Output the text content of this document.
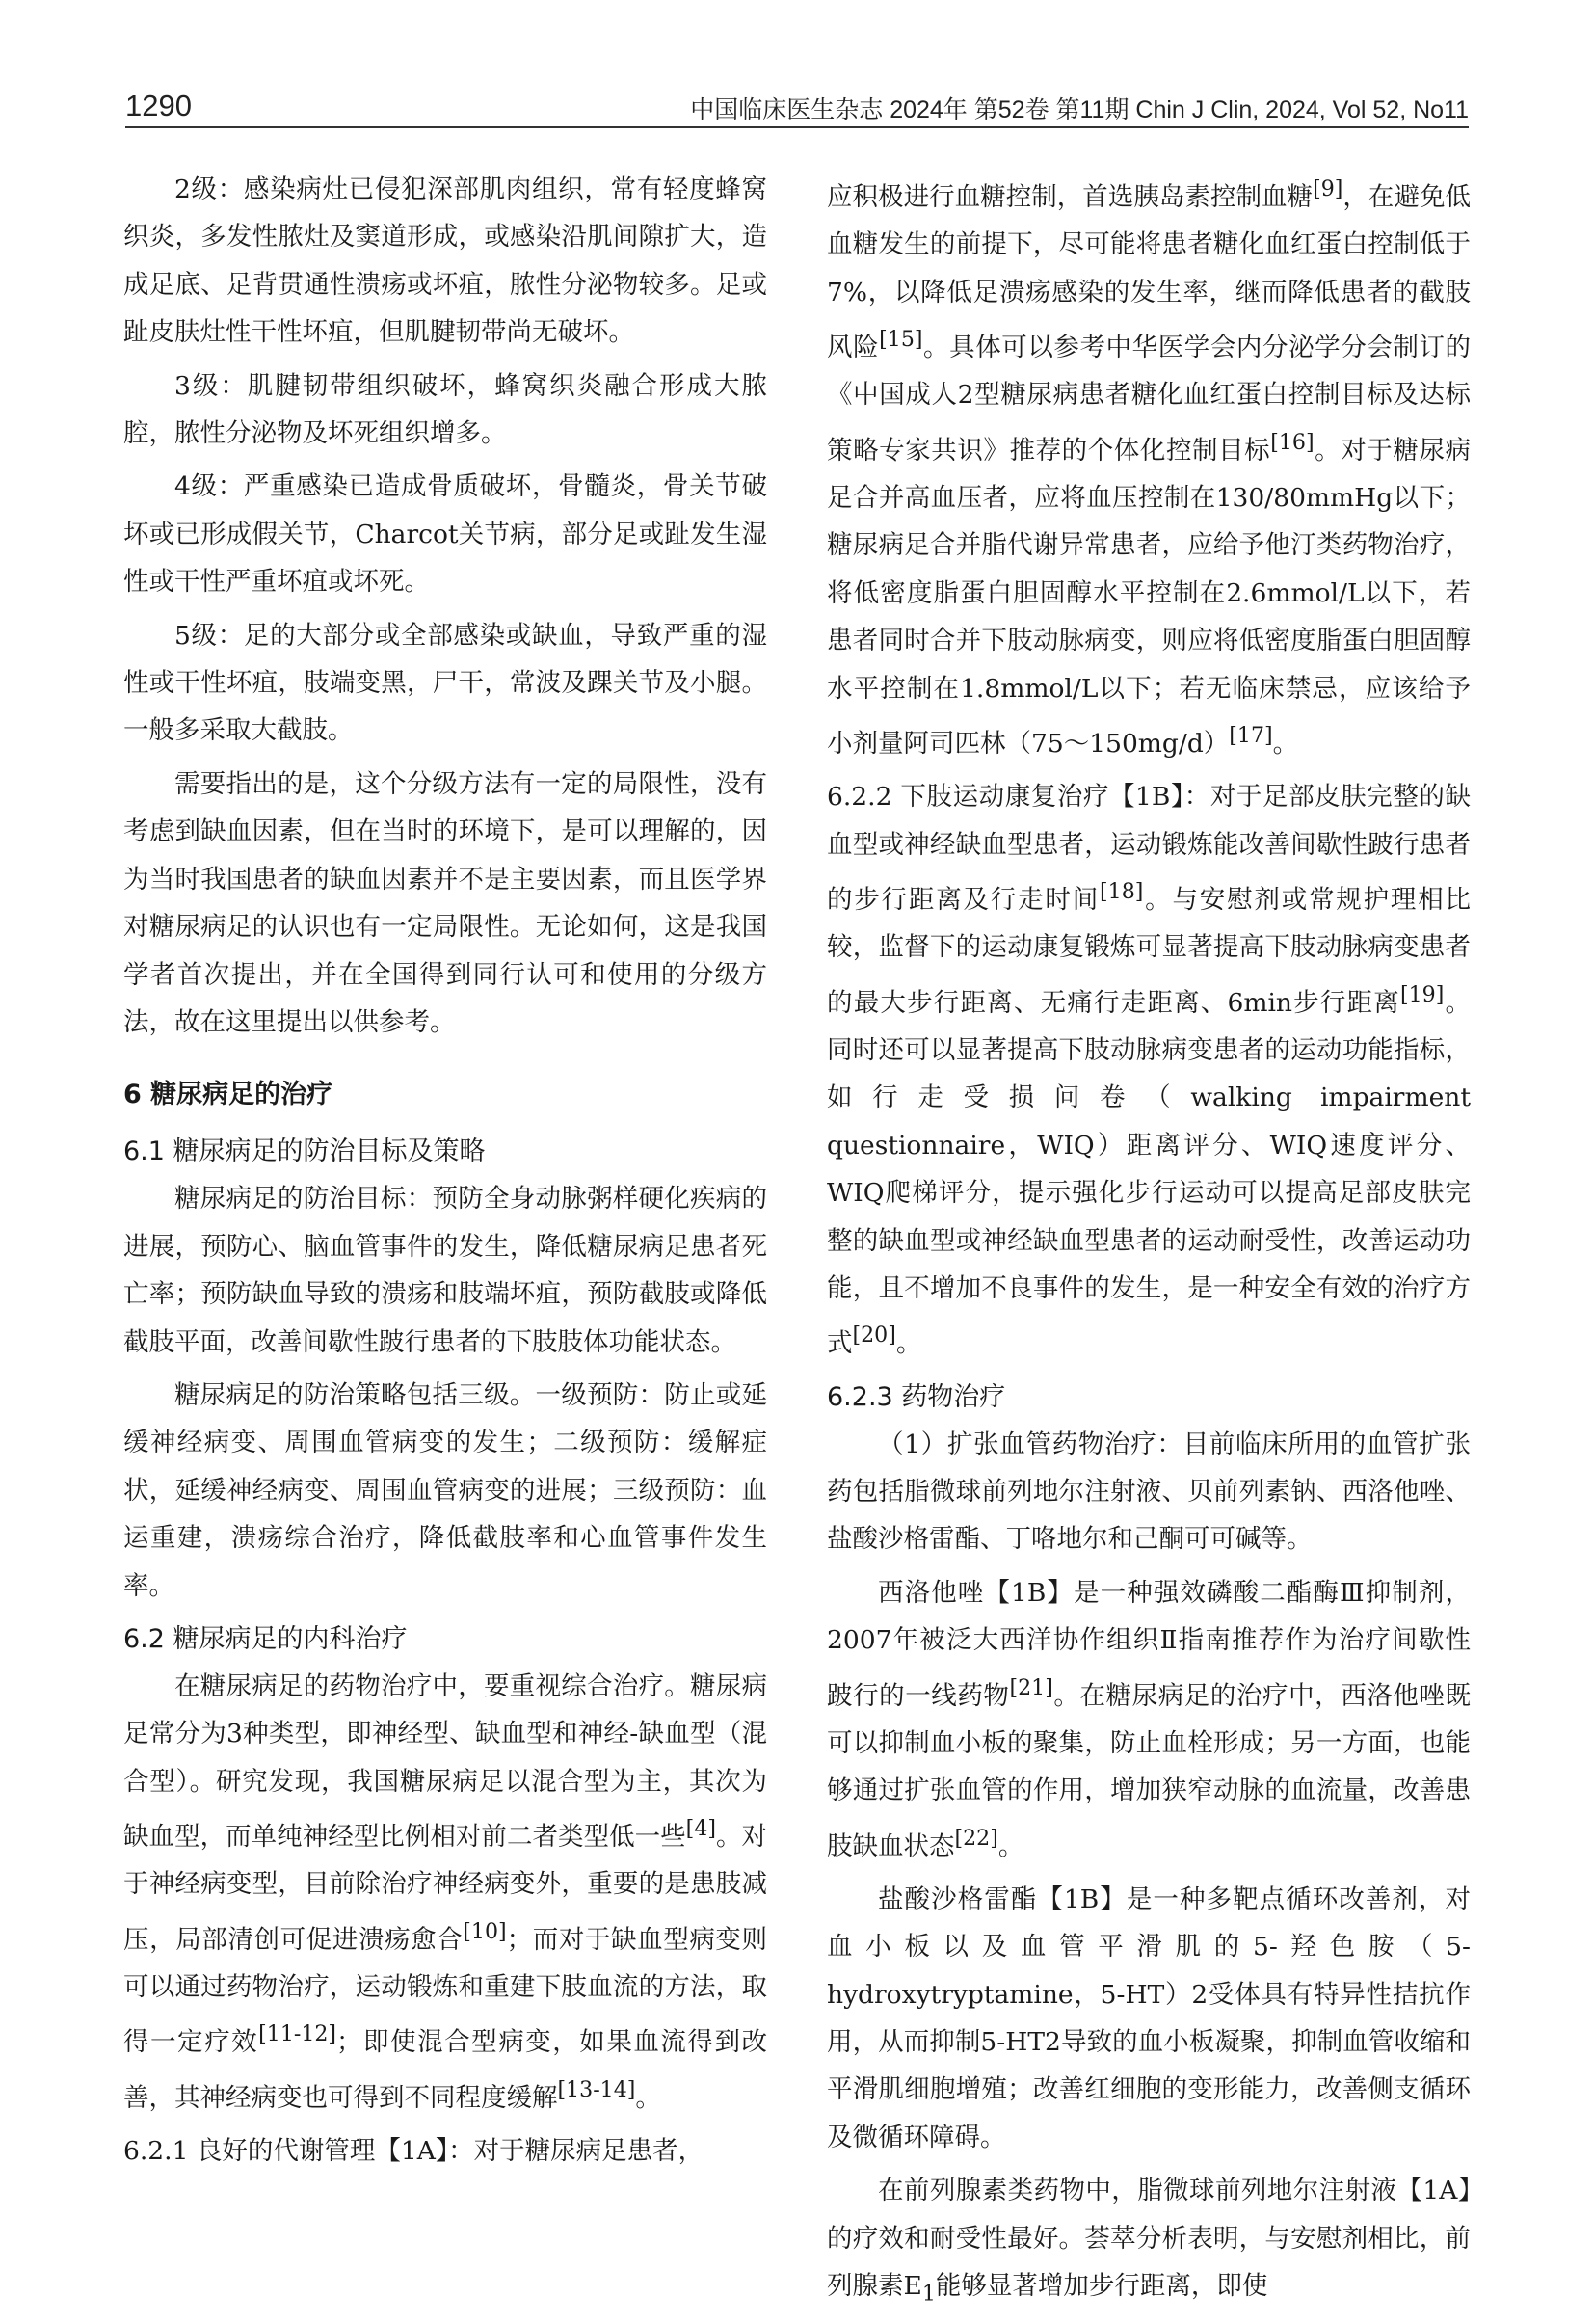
1290	中国临床医生杂志 2024年 第52卷 第11期 Chin J Clin, 2024, Vol 52, No11

2级：感染病灶已侵犯深部肌肉组织，常有轻度蜂窝织炎，多发性脓灶及窦道形成，或感染沿肌间隙扩大，造成足底、足背贯通性溃疡或坏疽，脓性分泌物较多。足或趾皮肤灶性干性坏疽，但肌腱韧带尚无破坏。

3级：肌腱韧带组织破坏，蜂窝织炎融合形成大脓腔，脓性分泌物及坏死组织增多。

4级：严重感染已造成骨质破坏，骨髓炎，骨关节破坏或已形成假关节，Charcot关节病，部分足或趾发生湿性或干性严重坏疽或坏死。

5级：足的大部分或全部感染或缺血，导致严重的湿性或干性坏疽，肢端变黑，尸干，常波及踝关节及小腿。一般多采取大截肢。

需要指出的是，这个分级方法有一定的局限性，没有考虑到缺血因素，但在当时的环境下，是可以理解的，因为当时我国患者的缺血因素并不是主要因素，而且医学界对糖尿病足的认识也有一定局限性。无论如何，这是我国学者首次提出，并在全国得到同行认可和使用的分级方法，故在这里提出以供参考。

6 糖尿病足的治疗
6.1 糖尿病足的防治目标及策略

糖尿病足的防治目标：预防全身动脉粥样硬化疾病的进展，预防心、脑血管事件的发生，降低糖尿病足患者死亡率；预防缺血导致的溃疡和肢端坏疽，预防截肢或降低截肢平面，改善间歇性跛行患者的下肢肢体功能状态。

糖尿病足的防治策略包括三级。一级预防：防止或延缓神经病变、周围血管病变的发生；二级预防：缓解症状，延缓神经病变、周围血管病变的进展；三级预防：血运重建，溃疡综合治疗，降低截肢率和心血管事件发生率。

6.2 糖尿病足的内科治疗

在糖尿病足的药物治疗中，要重视综合治疗。糖尿病足常分为3种类型，即神经型、缺血型和神经-缺血型（混合型）。研究发现，我国糖尿病足以混合型为主，其次为缺血型，而单纯神经型比例相对前二者类型低一些[4]。对于神经病变型，目前除治疗神经病变外，重要的是患肢减压，局部清创可促进溃疡愈合[10]；而对于缺血型病变则可以通过药物治疗，运动锻炼和重建下肢血流的方法，取得一定疗效[11-12]；即使混合型病变，如果血流得到改善，其神经病变也可得到不同程度缓解[13-14]。

6.2.1 良好的代谢管理【1A】：对于糖尿病足患者，

应积极进行血糖控制，首选胰岛素控制血糖[9]，在避免低血糖发生的前提下，尽可能将患者糖化血红蛋白控制低于7%，以降低足溃疡感染的发生率，继而降低患者的截肢风险[15]。具体可以参考中华医学会内分泌学分会制订的《中国成人2型糖尿病患者糖化血红蛋白控制目标及达标策略专家共识》推荐的个体化控制目标[16]。对于糖尿病足合并高血压者，应将血压控制在130/80mmHg以下；糖尿病足合并脂代谢异常患者，应给予他汀类药物治疗，将低密度脂蛋白胆固醇水平控制在2.6mmol/L以下，若患者同时合并下肢动脉病变，则应将低密度脂蛋白胆固醇水平控制在1.8mmol/L以下；若无临床禁忌，应该给予小剂量阿司匹林（75～150mg/d）[17]。

6.2.2 下肢运动康复治疗【1B】：对于足部皮肤完整的缺血型或神经缺血型患者，运动锻炼能改善间歇性跛行患者的步行距离及行走时间[18]。与安慰剂或常规护理相比较，监督下的运动康复锻炼可显著提高下肢动脉病变患者的最大步行距离、无痛行走距离、6min步行距离[19]。同时还可以显著提高下肢动脉病变患者的运动功能指标，如行走受损问卷（walking impairment questionnaire，WIQ）距离评分、WIQ速度评分、WIQ爬梯评分，提示强化步行运动可以提高足部皮肤完整的缺血型或神经缺血型患者的运动耐受性，改善运动功能，且不增加不良事件的发生，是一种安全有效的治疗方式[20]。

6.2.3 药物治疗

（1）扩张血管药物治疗：目前临床所用的血管扩张药包括脂微球前列地尔注射液、贝前列素钠、西洛他唑、盐酸沙格雷酯、丁咯地尔和己酮可可碱等。

西洛他唑【1B】是一种强效磷酸二酯酶Ⅲ抑制剂，2007年被泛大西洋协作组织Ⅱ指南推荐作为治疗间歇性跛行的一线药物[21]。在糖尿病足的治疗中，西洛他唑既可以抑制血小板的聚集，防止血栓形成；另一方面，也能够通过扩张血管的作用，增加狭窄动脉的血流量，改善患肢缺血状态[22]。

盐酸沙格雷酯【1B】是一种多靶点循环改善剂，对血小板以及血管平滑肌的5-羟色胺（5-hydroxytryptamine，5-HT）2受体具有特异性拮抗作用，从而抑制5-HT2导致的血小板凝聚，抑制血管收缩和平滑肌细胞增殖；改善红细胞的变形能力，改善侧支循环及微循环障碍。

在前列腺素类药物中，脂微球前列地尔注射液【1A】的疗效和耐受性最好。荟萃分析表明，与安慰剂相比，前列腺素$E_1$能够显著增加步行距离，即使
